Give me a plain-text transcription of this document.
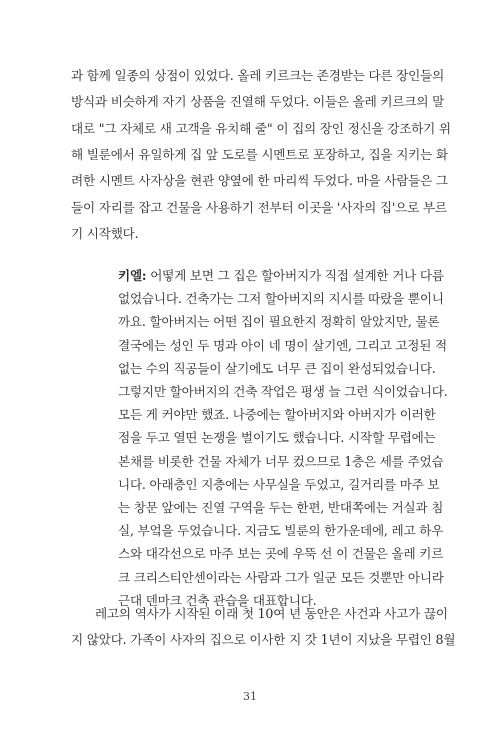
과 함께 일종의 상점이 있었다. 올레 키르크는 존경받는 다른 장인들의
방식과 비슷하게 자기 상품을 진열해 두었다. 이들은 올레 키르크의 말
대로 "그 자체로 새 고객을 유치해 줄" 이 집의 장인 정신을 강조하기 위
해 빌룬에서 유일하게 집 앞 도로를 시멘트로 포장하고, 집을 지키는 화
려한 시멘트 사자상을 현관 양옆에 한 마리씩 두었다. 마을 사람들은 그
들이 자리를 잡고 건물을 사용하기 전부터 이곳을 '사자의 집'으로 부르
기 시작했다.
키엘: 어떻게 보면 그 집은 할아버지가 직접 설계한 거나 다름
없었습니다. 건축가는 그저 할아버지의 지시를 따랐을 뿐이니
까요. 할아버지는 어떤 집이 필요한지 정확히 알았지만, 물론
결국에는 성인 두 명과 아이 네 명이 살기엔, 그리고 고정된 적
없는 수의 직공들이 살기에도 너무 큰 집이 완성되었습니다.
그렇지만 할아버지의 건축 작업은 평생 늘 그런 식이었습니다.
모든 게 커야만 했죠. 나중에는 할아버지와 아버지가 이러한
점을 두고 열띤 논쟁을 벌이기도 했습니다. 시작할 무렵에는
본채를 비롯한 건물 자체가 너무 컸으므로 1층은 세를 주었습
니다. 아래층인 지층에는 사무실을 두었고, 길거리를 마주 보
는 창문 앞에는 진열 구역을 두는 한편, 반대쪽에는 거실과 침
실, 부엌을 두었습니다. 지금도 빌룬의 한가운데에, 레고 하우
스와 대각선으로 마주 보는 곳에 우뚝 선 이 건물은 올레 키르
크 크리스티안센이라는 사람과 그가 일군 모든 것뿐만 아니라
근대 덴마크 건축 관습을 대표합니다.
레고의 역사가 시작된 이래 첫 10여 년 동안은 사건과 사고가 끊이
지 않았다. 가족이 사자의 집으로 이사한 지 갓 1년이 지났을 무렵인 8월
31
